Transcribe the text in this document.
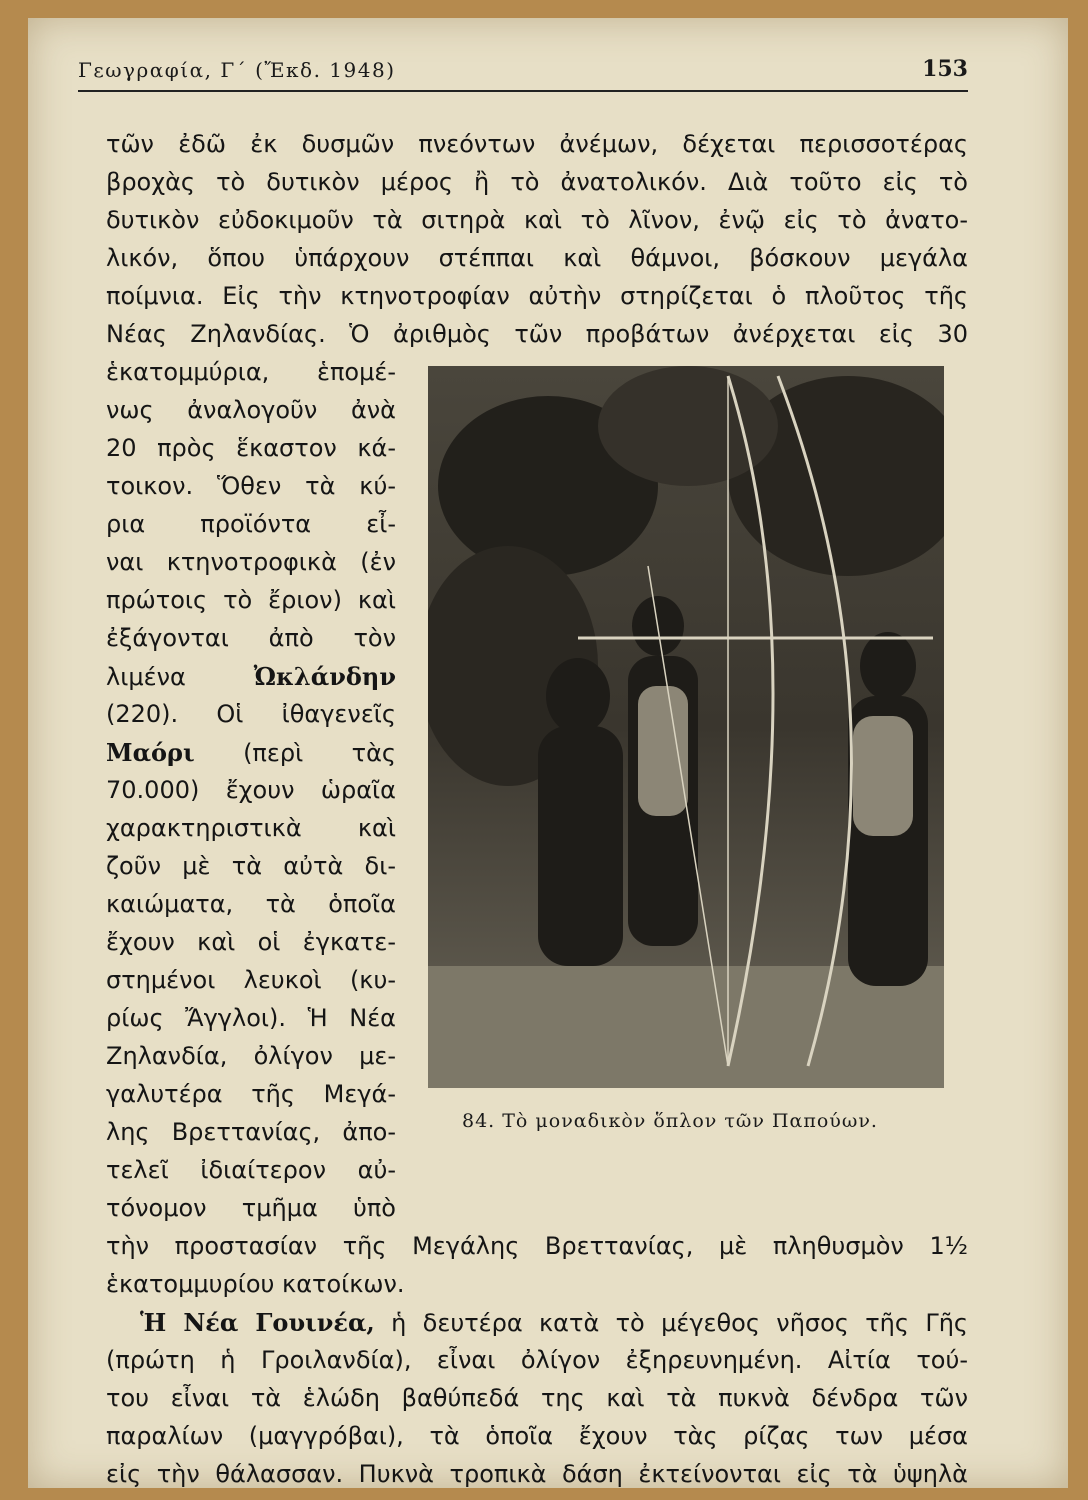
Γεωγραφία, Γ΄ (Ἔκδ. 1948)	153
τῶν ἐδῶ ἐκ δυσμῶν πνεόντων ἀνέμων, δέχεται περισσοτέρας
βροχὰς τὸ δυτικὸν μέρος ἢ τὸ ἀνατολικόν. Διὰ τοῦτο εἰς τὸ
δυτικὸν εὐδοκιμοῦν τὰ σιτηρὰ καὶ τὸ λῖνον, ἐνῷ εἰς τὸ ἀνατο-
λικόν, ὅπου ὑπάρχουν στέππαι καὶ θάμνοι, βόσκουν μεγάλα
ποίμνια. Εἰς τὴν κτηνοτροφίαν αὐτὴν στηρίζεται ὁ πλοῦτος τῆς
Νέας Ζηλανδίας. Ὁ ἀριθμὸς τῶν προβάτων ἀνέρχεται εἰς 30
ἑκατομμύρια, ἑπομέ-
νως ἀναλογοῦν ἀνὰ
20 πρὸς ἕκαστον κά-
τοικον. Ὅθεν τὰ κύ-
ρια προϊόντα εἶ-
ναι κτηνοτροφικὰ (ἐν
πρώτοις τὸ ἔριον) καὶ
ἐξάγονται ἀπὸ τὸν
λιμένα	Ὠκλάνδην
(220). Οἱ ἰθαγενεῖς
Μαόρι (περὶ τὰς
70.000) ἔχουν ὡραῖα
χαρακτηριστικὰ καὶ
ζοῦν μὲ τὰ αὐτὰ δι-
καιώματα, τὰ ὁποῖα
ἔχουν καὶ οἱ ἐγκατε-
στημένοι λευκοὶ (κυ-
ρίως Ἄγγλοι). Ἡ Νέα
Ζηλανδία, ὀλίγον με-
γαλυτέρα τῆς Μεγά-
λης Βρεττανίας, ἀπο-
τελεῖ ἰδιαίτερον αὐ-
τόνομον τμῆμα ὑπὸ
84. Τὸ μοναδικὸν ὅπλον τῶν Παπούων.
τὴν προστασίαν τῆς Μεγάλης Βρεττανίας, μὲ πληθυσμὸν 1½
ἑκατομμυρίου κατοίκων.
Ἡ Νέα Γουινέα, ἡ δευτέρα κατὰ τὸ μέγεθος νῆσος τῆς Γῆς
(πρώτη ἡ Γροιλανδία), εἶναι ὀλίγον ἐξηρευνημένη. Αἰτία τού-
του εἶναι τὰ ἑλώδη βαθύπεδά της καὶ τὰ πυκνὰ δένδρα τῶν
παραλίων (μαγγρόβαι), τὰ ὁποῖα ἔχουν τὰς ρίζας των μέσα
εἰς τὴν θάλασσαν. Πυκνὰ τροπικὰ δάση ἐκτείνονται εἰς τὰ ὑψηλὰ
